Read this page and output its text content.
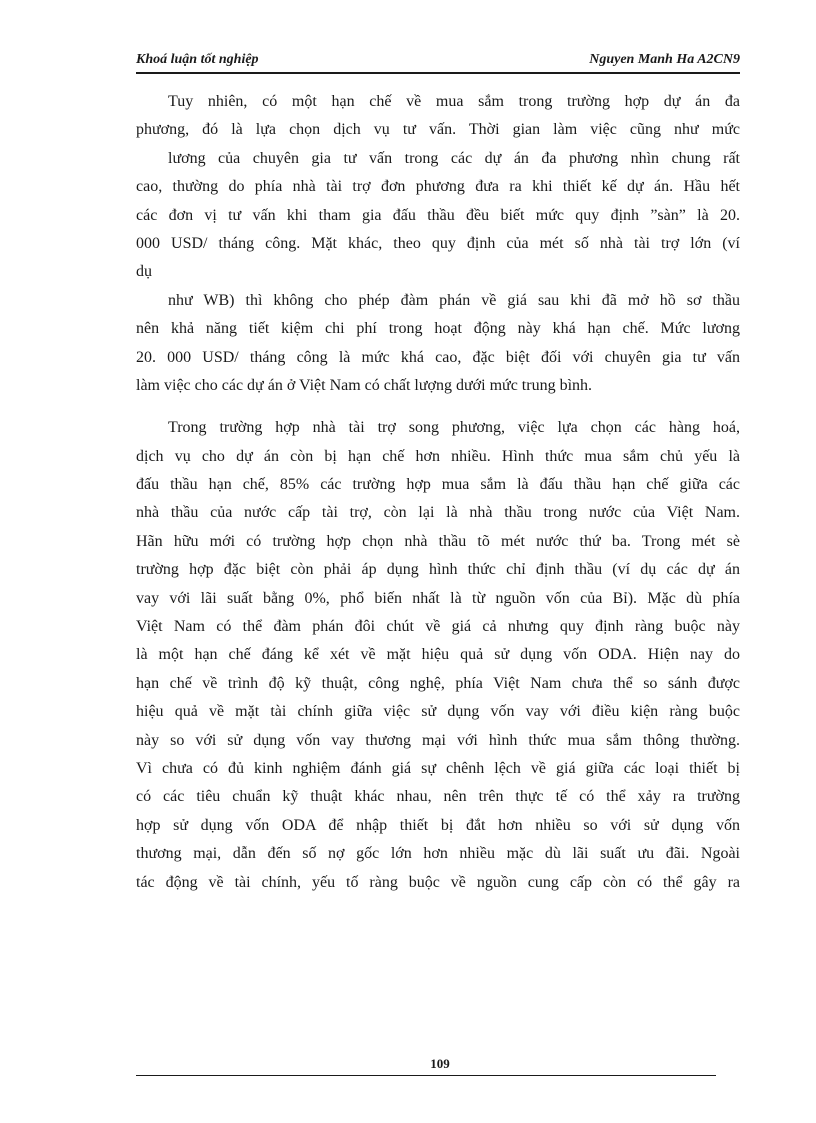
Khoá luận tốt nghiệp	Nguyen Manh Ha A2CN9
Tuy nhiên, có một hạn chế về mua sắm trong trường hợp dự án đa
phương, đó là lựa chọn dịch vụ tư vấn. Thời gian làm việc cũng như mức
lương của chuyên gia tư vấn trong các dự án đa phương nhìn chung rất
cao, thường do phía nhà tài trợ đơn phương đưa ra khi thiết kế dự án. Hầu hết
các đơn vị tư vấn khi tham gia đấu thầu đều biết mức quy định ”sàn” là 20.
000 USD/ tháng công. Mặt khác, theo quy định của mét số nhà tài trợ lớn (ví
dụ
như WB) thì không cho phép đàm phán về giá sau khi đã mở hồ sơ thầu
nên khả năng tiết kiệm chi phí trong hoạt động này khá hạn chế. Mức lương
20. 000 USD/ tháng công là mức khá cao, đặc biệt đối với chuyên gia tư vấn
làm việc cho các dự án ở Việt Nam có chất lượng dưới mức trung bình.
Trong trường hợp nhà tài trợ song phương, việc lựa chọn các hàng hoá,
dịch vụ cho dự án còn bị hạn chế hơn nhiều. Hình thức mua sắm chủ yếu là
đấu thầu hạn chế, 85% các trường hợp mua sắm là đấu thầu hạn chế giữa các
nhà thầu của nước cấp tài trợ, còn lại là nhà thầu trong nước của Việt Nam.
Hãn hữu mới có trường hợp chọn nhà thầu tõ mét nước thứ ba. Trong mét sè
trường hợp đặc biệt còn phải áp dụng hình thức chỉ định thầu (ví dụ các dự án
vay với lãi suất bằng 0%, phổ biến nhất là từ nguồn vốn của Bỉ). Mặc dù phía
Việt Nam có thể đàm phán đôi chút về giá cả nhưng quy định ràng buộc này
là một hạn chế đáng kể xét về mặt hiệu quả sử dụng vốn ODA. Hiện nay do
hạn chế về trình độ kỹ thuật, công nghệ, phía Việt Nam chưa thể so sánh được
hiệu quả về mặt tài chính giữa việc sử dụng vốn vay với điều kiện ràng buộc
này so với sử dụng vốn vay thương mại với hình thức mua sắm thông thường.
Vì chưa có đủ kinh nghiệm đánh giá sự chênh lệch về giá giữa các loại thiết bị
có các tiêu chuẩn kỹ thuật khác nhau, nên trên thực tế có thể xảy ra trường
hợp sử dụng vốn ODA để nhập thiết bị đắt hơn nhiều so với sử dụng vốn
thương mại, dẫn đến số nợ gốc lớn hơn nhiều mặc dù lãi suất ưu đãi. Ngoài
tác động về tài chính, yếu tố ràng buộc về nguồn cung cấp còn có thể gây ra
109
